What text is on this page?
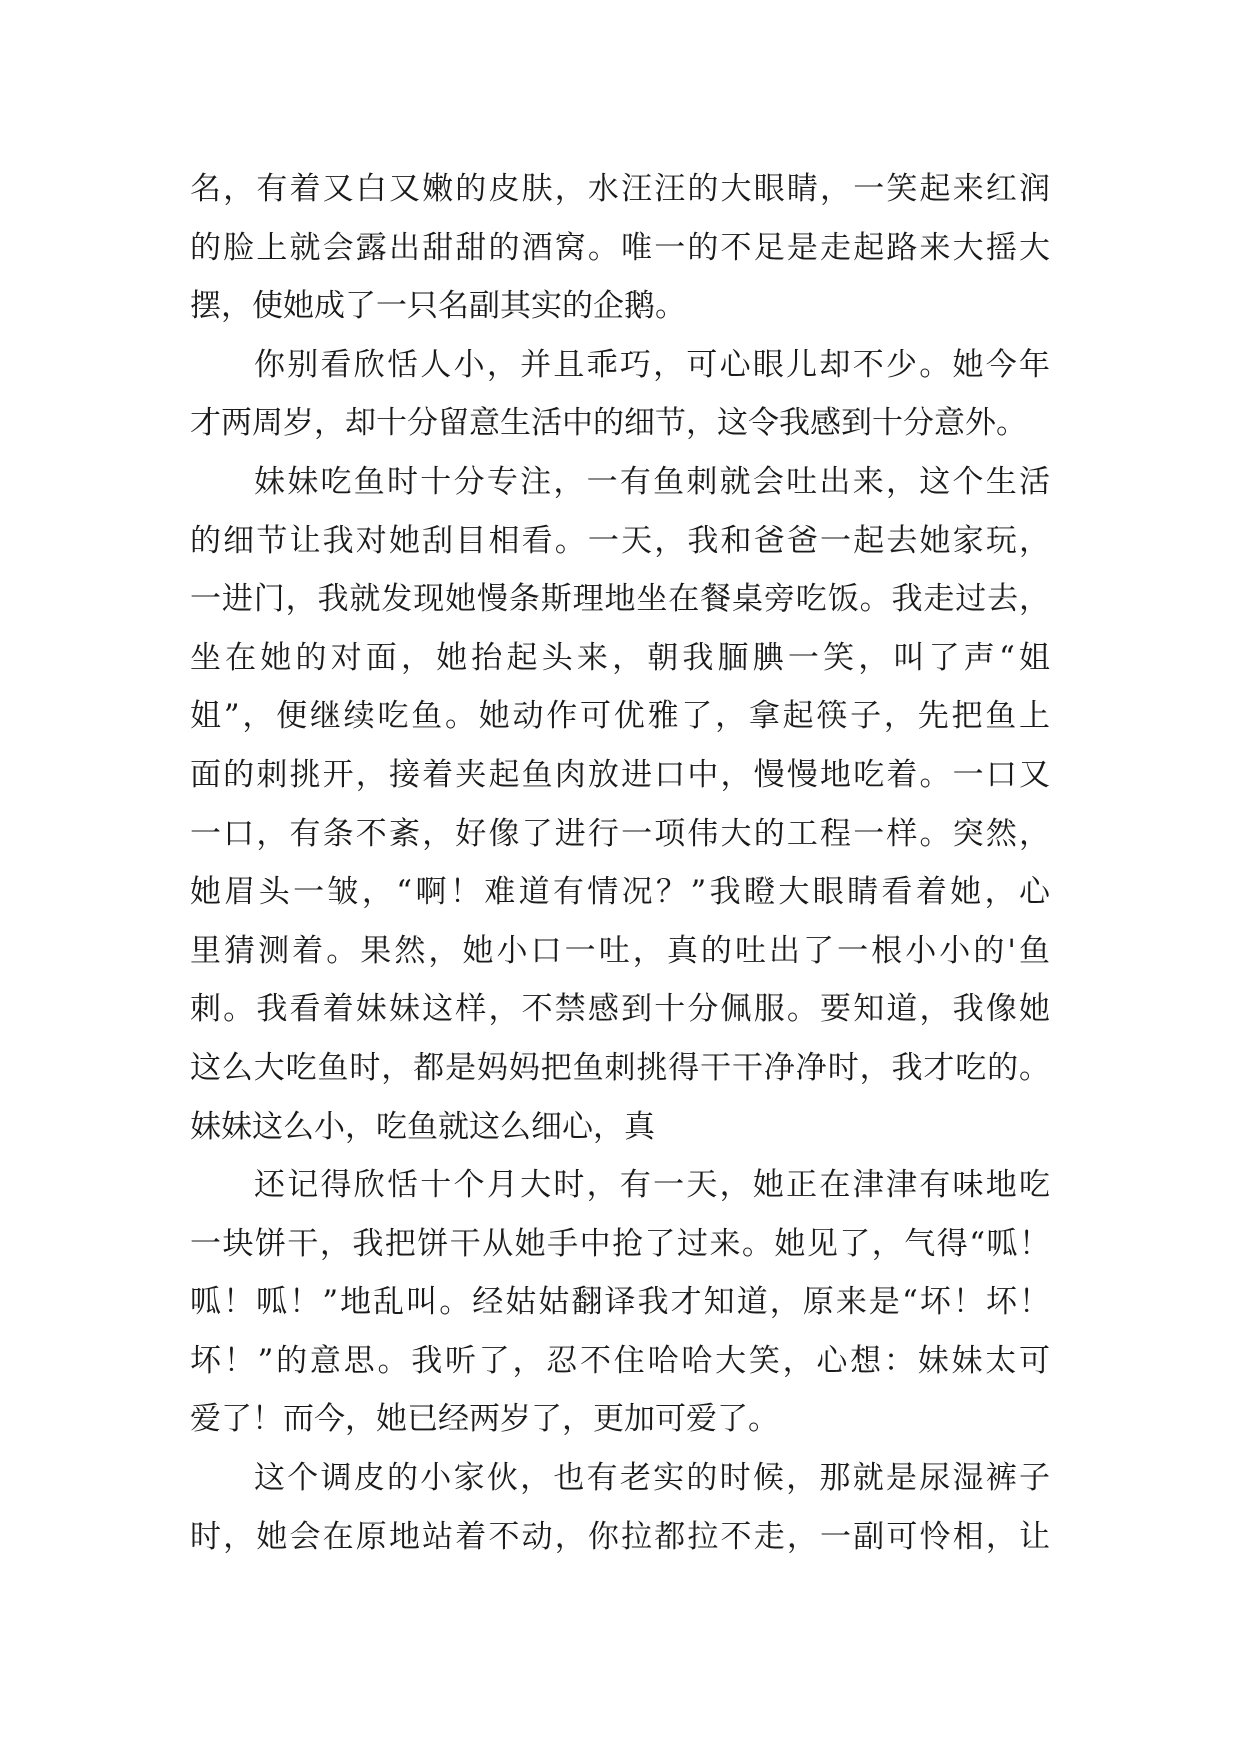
名，有着又白又嫩的皮肤，水汪汪的大眼睛，一笑起来红润
的脸上就会露出甜甜的酒窝。唯一的不足是走起路来大摇大
摆，使她成了一只名副其实的企鹅。
你别看欣恬人小，并且乖巧，可心眼儿却不少。她今年
才两周岁，却十分留意生活中的细节，这令我感到十分意外。
妹妹吃鱼时十分专注，一有鱼刺就会吐出来，这个生活
的细节让我对她刮目相看。一天，我和爸爸一起去她家玩，
一进门，我就发现她慢条斯理地坐在餐桌旁吃饭。我走过去，
坐在她的对面，她抬起头来，朝我腼腆一笑，叫了声“姐
姐”，便继续吃鱼。她动作可优雅了，拿起筷子，先把鱼上
面的刺挑开，接着夹起鱼肉放进口中，慢慢地吃着。一口又
一口，有条不紊，好像了进行一项伟大的工程一样。突然，
她眉头一皱，“啊！难道有情况？”我瞪大眼睛看着她，心
里猜测着。果然，她小口一吐，真的吐出了一根小小的'鱼
刺。我看着妹妹这样，不禁感到十分佩服。要知道，我像她
这么大吃鱼时，都是妈妈把鱼刺挑得干干净净时，我才吃的。
妹妹这么小，吃鱼就这么细心，真
还记得欣恬十个月大时，有一天，她正在津津有味地吃
一块饼干，我把饼干从她手中抢了过来。她见了，气得“呱！
呱！呱！”地乱叫。经姑姑翻译我才知道，原来是“坏！坏！
坏！”的意思。我听了，忍不住哈哈大笑，心想：妹妹太可
爱了！而今，她已经两岁了，更加可爱了。
这个调皮的小家伙，也有老实的时候，那就是尿湿裤子
时，她会在原地站着不动，你拉都拉不走，一副可怜相，让
